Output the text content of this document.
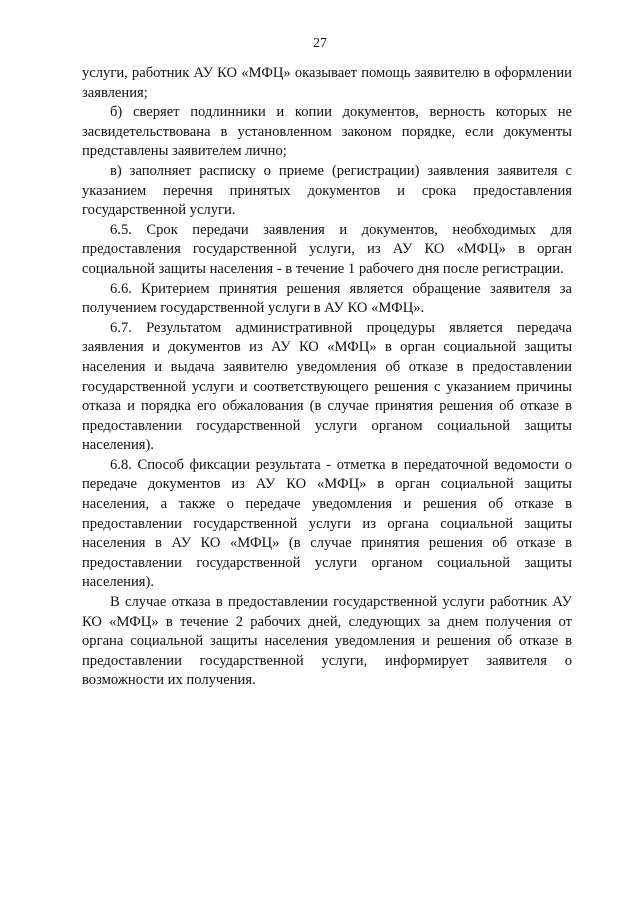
27

услуги, работник АУ КО «МФЦ» оказывает помощь заявителю в оформлении заявления;

б) сверяет подлинники и копии документов, верность которых не засвидетельствована в установленном законом порядке, если документы представлены заявителем лично;

в) заполняет расписку о приеме (регистрации) заявления заявителя с указанием перечня принятых документов и срока предоставления государственной услуги.

6.5. Срок передачи заявления и документов, необходимых для предоставления государственной услуги, из АУ КО «МФЦ» в орган социальной защиты населения - в течение 1 рабочего дня после регистрации.

6.6. Критерием принятия решения является обращение заявителя за получением государственной услуги в АУ КО «МФЦ».

6.7. Результатом административной процедуры является передача заявления и документов из АУ КО «МФЦ» в орган социальной защиты населения и выдача заявителю уведомления об отказе в предоставлении государственной услуги и соответствующего решения с указанием причины отказа и порядка его обжалования (в случае принятия решения об отказе в предоставлении государственной услуги органом социальной защиты населения).

6.8. Способ фиксации результата - отметка в передаточной ведомости о передаче документов из АУ КО «МФЦ» в орган социальной защиты населения, а также о передаче уведомления и решения об отказе в предоставлении государственной услуги из органа социальной защиты населения в АУ КО «МФЦ» (в случае принятия решения об отказе в предоставлении государственной услуги органом социальной защиты населения).

В случае отказа в предоставлении государственной услуги работник АУ КО «МФЦ» в течение 2 рабочих дней, следующих за днем получения от органа социальной защиты населения уведомления и решения об отказе в предоставлении государственной услуги, информирует заявителя о возможности их получения.
